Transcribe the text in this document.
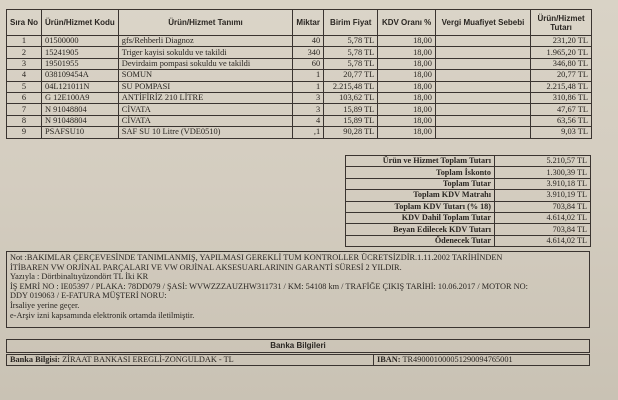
Sıra No	Ürün/Hizmet Kodu	Ürün/Hizmet Tanımı	Miktar	Birim Fiyat	KDV Oranı %	Vergi Muafiyet Sebebi	Ürün/Hizmet Tutarı
1	01500000	gfs/Rehberli Diagnoz	40	5,78 TL	18,00		231,20 TL
2	15241905	Triger kayisi sokuldu ve takildi	340	5,78 TL	18,00		1.965,20 TL
3	19501955	Devirdaim pompasi sokuldu ve takildi	60	5,78 TL	18,00		346,80 TL
4	038109454A	SOMUN	1	20,77 TL	18,00		20,77 TL
5	04L121011N	SU POMPASI	1	2.215,48 TL	18,00		2.215,48 TL
6	G 12E100A9	ANTİFİRİZ 210 LİTRE	3	103,62 TL	18,00		310,86 TL
7	N 91048804	CİVATA	3	15,89 TL	18,00		47,67 TL
8	N 91048804	CİVATA	4	15,89 TL	18,00		63,56 TL
9	PSAFSU10	SAF SU 10 Litre (VDE0510)	,1	90,28 TL	18,00		9,03 TL
Ürün ve Hizmet Toplam Tutarı	5.210,57 TL
Toplam İskonto	1.300,39 TL
Toplam Tutar	3.910,18 TL
Toplam KDV Matrahı	3.910,19 TL
Toplam KDV Tutarı (% 18)	703,84 TL
KDV Dahil Toplam Tutar	4.614,02 TL
Beyan Edilecek KDV Tutarı	703,84 TL
Ödenecek Tutar	4.614,02 TL
Not :BAKIMLAR ÇERÇEVESİNDE TANIMLANMIŞ, YAPILMASI GEREKLİ TUM KONTROLLER ÜCRETSİZDİR.1.11.2002 TARİHİNDEN
İTİBAREN VW ORJİNAL PARÇALARI VE VW ORJİNAL AKSESUARLARININ GARANTİ SÜRESİ 2 YILDIR.
Yazıyla : Dörtbinaltıyüzondört TL İki KR
İŞ EMRİ NO : IE05397 / PLAKA: 78DD079 / ŞASİ: WVWZZZAUZHW311731 / KM: 54108 km / TRAFİĞE ÇIKIŞ TARİHİ: 10.06.2017 / MOTOR NO:
DDY 019063 / E-FATURA MÜŞTERİ NORU:
İrsaliye yerine geçer.
e-Arşiv izni kapsamında elektronik ortamda iletilmiştir.
Banka Bilgileri
Banka Bilgisi: ZİRAAT BANKASI EREGLİ-ZONGULDAK - TL	IBAN: TR490001000051290094765001
